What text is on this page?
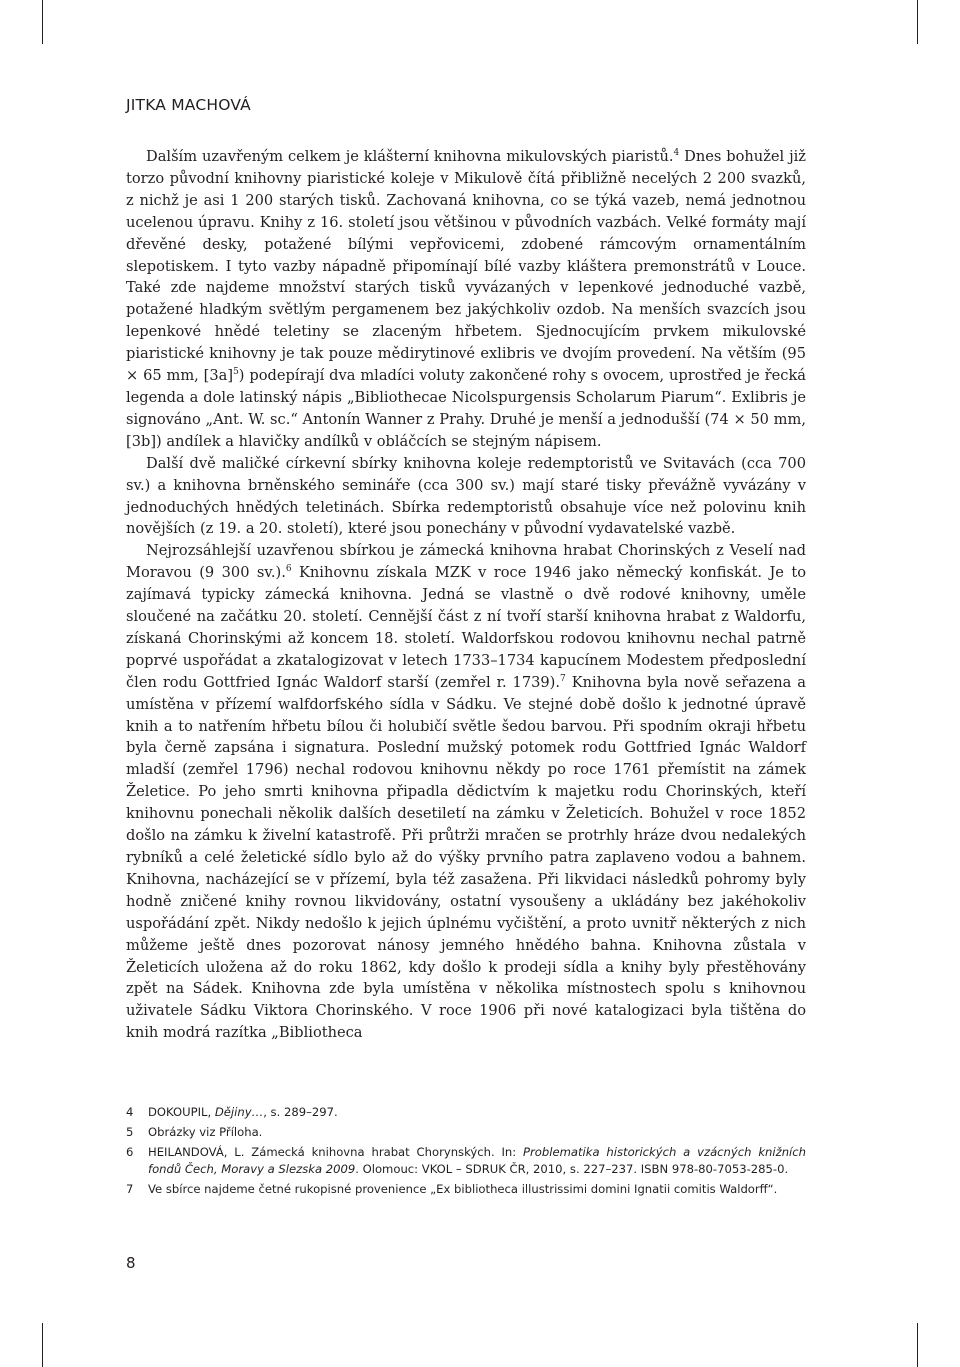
JITKA MACHOVÁ

Dalším uzavřeným celkem je klášterní knihovna mikulovských piaristů.$^4$ Dnes bohužel již torzo původní knihovny piaristické koleje v Mikulově čítá přibližně necelých 2 200 svazků, z nichž je asi 1 200 starých tisků. Zachovaná knihovna, co se týká vazeb, nemá jednotnou ucelenou úpravu. Knihy z 16. století jsou většinou v původních vazbách. Velké formáty mají dřevěné desky, potažené bílými vepřovicemi, zdobené rámcovým ornamentálním slepotiskem. I tyto vazby nápadně připomínají bílé vazby kláštera premonstrátů v Louce. Také zde najdeme množství starých tisků vyvázaných v lepenkové jednoduché vazbě, potažené hladkým světlým pergamenem bez jakýchkoliv ozdob. Na menších svazcích jsou lepenkové hnědé teletiny se zlaceným hřbetem. Sjednocujícím prvkem mikulovské piaristické knihovny je tak pouze mědirytinové exlibris ve dvojím provedení. Na větším (95 × 65 mm, $[3a]^5$) podepírají dva mladíci voluty zakončené rohy s ovocem, uprostřed je řecká legenda a dole latinský nápis „Bibliothecae Nicolspurgensis Scholarum Piarum“. Exlibris je signováno „Ant. W. sc.“ Antonín Wanner z Prahy. Druhé je menší a jednodušší (74 × 50 mm, [3b]) andílek a hlavičky andílků v obláčcích se stejným nápisem.

Další dvě maličké církevní sbírky knihovna koleje redemptoristů ve Svitavách (cca 700 sv.) a knihovna brněnského semináře (cca 300 sv.) mají staré tisky převážně vyvázány v jednoduchých hnědých teletinách. Sbírka redemptoristů obsahuje více než polovinu knih novějších (z 19. a 20. století), které jsou ponechány v původní vydavatelské vazbě.

Nejrozsáhlejší uzavřenou sbírkou je zámecká knihovna hrabat Chorinských z Veselí nad Moravou (9 300 sv.).$^6$ Knihovnu získala MZK v roce 1946 jako německý konfiskát. Je to zajímavá typicky zámecká knihovna. Jedná se vlastně o dvě rodové knihovny, uměle sloučené na začátku 20. století. Cennější část z ní tvoří starší knihovna hrabat z Waldorfu, získaná Chorinskými až koncem 18. století. Waldorfskou rodovou knihovnu nechal patrně poprvé uspořádat a zkatalogizovat v letech 1733–1734 kapucínem Modestem předposlední člen rodu Gottfried Ignác Waldorf starší (zemřel r. 1739).$^7$ Knihovna byla nově seřazena a umístěna v přízemí walfdorfského sídla v Sádku. Ve stejné době došlo k jednotné úpravě knih a to natřením hřbetu bílou či holubičí světle šedou barvou. Při spodním okraji hřbetu byla černě zapsána i signatura. Poslední mužský potomek rodu Gottfried Ignác Waldorf mladší (zemřel 1796) nechal rodovou knihovnu někdy po roce 1761 přemístit na zámek Želetice. Po jeho smrti knihovna připadla dědictvím k majetku rodu Chorinských, kteří knihovnu ponechali několik dalších desetiletí na zámku v Želeticích. Bohužel v roce 1852 došlo na zámku k živelní katastrofě. Při průtrži mračen se protrhly hráze dvou nedalekých rybníků a celé želetické sídlo bylo až do výšky prvního patra zaplaveno vodou a bahnem. Knihovna, nacházející se v přízemí, byla též zasažena. Při likvidaci následků pohromy byly hodně zničené knihy rovnou likvidovány, ostatní vysoušeny a ukládány bez jakéhokoliv uspořádání zpět. Nikdy nedošlo k jejich úplnému vyčištění, a proto uvnitř některých z nich můžeme ještě dnes pozorovat nánosy jemného hnědého bahna. Knihovna zůstala v Želeticích uložena až do roku 1862, kdy došlo k prodeji sídla a knihy byly přestěhovány zpět na Sádek. Knihovna zde byla umístěna v několika místnostech spolu s knihovnou uživatele Sádku Viktora Chorinského. V roce 1906 při nové katalogizaci byla tištěna do knih modrá razítka „Bibliotheca

4	DOKOUPIL, Dějiny…, s. 289–297.
5	Obrázky viz Příloha.
6	HEILANDOVÁ, L. Zámecká knihovna hrabat Chorynských. In: Problematika historických a vzácných knižních fondů Čech, Moravy a Slezska 2009. Olomouc: VKOL – SDRUK ČR, 2010, s. 227–237. ISBN 978-80-7053-285-0.
7	Ve sbírce najdeme četné rukopisné provenience „Ex bibliotheca illustrissimi domini Ignatii comitis Waldorff“.
8
